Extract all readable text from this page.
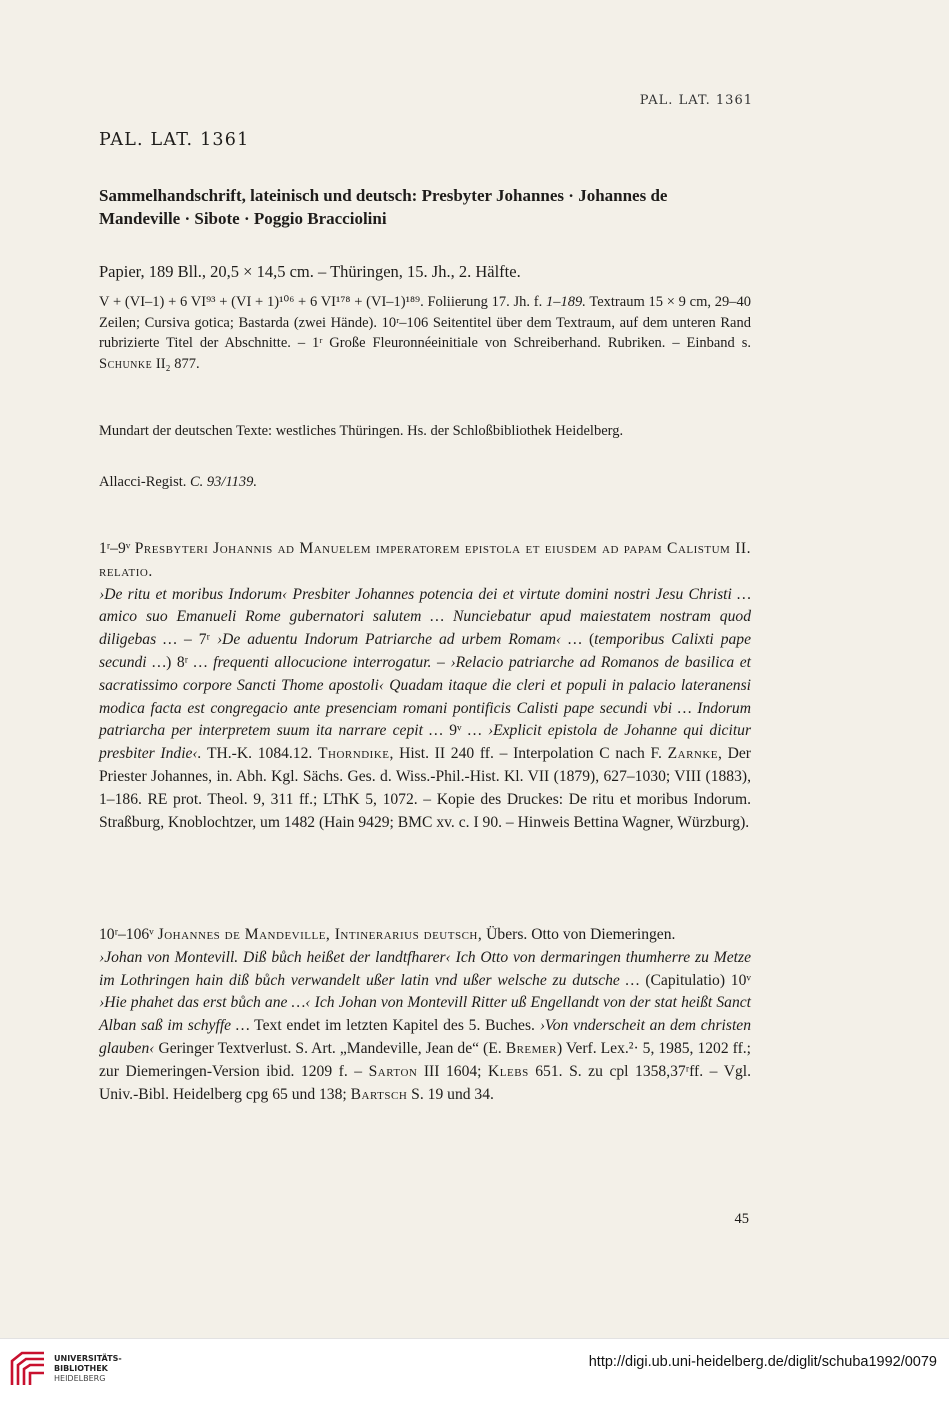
PAL. LAT. 1361
PAL. LAT. 1361
Sammelhandschrift, lateinisch und deutsch: Presbyter Johannes · Johannes de Mandeville · Sibote · Poggio Bracciolini
Papier, 189 Bll., 20,5 × 14,5 cm. – Thüringen, 15. Jh., 2. Hälfte.

V + (VI–1) + 6 VI⁹³ + (VI + 1)¹⁰⁶ + 6 VI¹⁷⁸ + (VI–1)¹⁸⁹. Foliierung 17. Jh. f. 1–189. Textraum 15 × 9 cm, 29–40 Zeilen; Cursiva gotica; Bastarda (zwei Hände). 10ʳ–106 Seitentitel über dem Textraum, auf dem unteren Rand rubrizierte Titel der Abschnitte. – 1ʳ Große Fleuronnéeinitiale von Schreiberhand. Rubriken. – Einband s. Schunke II₂ 877.

Mundart der deutschen Texte: westliches Thüringen. Hs. der Schloßbibliothek Heidelberg.

Allacci-Regist. C. 93/1139.

1ʳ–9ᵛ Presbyteri Johannis ad Manuelem imperatorem epistola et eiusdem ad papam Calistum II. relatio.

›De ritu et moribus Indorum‹ Presbiter Johannes potencia dei et virtute domini nostri Jesu Christi … amico suo Emanueli Rome gubernatori salutem … Nunciebatur apud maiestatem nostram quod diligebas … – 7ʳ ›De aduentu Indorum Patriarche ad urbem Romam‹ … (temporibus Calixti pape secundi …) 8ʳ … frequenti allocucione interrogatur. – ›Relacio patriarche ad Romanos de basilica et sacratissimo corpore Sancti Thome apostoli‹ Quadam itaque die cleri et populi in palacio lateranensi modica facta est congregacio ante presenciam romani pontificis Calisti pape secundi vbi … Indorum patriarcha per interpretem suum ita narrare cepit … 9ᵛ … ›Explicit epistola de Johanne qui dicitur presbiter Indie‹. TH.-K. 1084.12. Thorndike, Hist. II 240 ff. – Interpolation C nach F. Zarnke, Der Priester Johannes, in. Abh. Kgl. Sächs. Ges. d. Wiss.-Phil.-Hist. Kl. VII (1879), 627–1030; VIII (1883), 1–186. RE prot. Theol. 9, 311 ff.; LThK 5, 1072. – Kopie des Druckes: De ritu et moribus Indorum. Straßburg, Knoblochtzer, um 1482 (Hain 9429; BMC xv. c. I 90. – Hinweis Bettina Wagner, Würzburg).

10ʳ–106ᵛ Johannes de Mandeville, Intinerarius deutsch, Übers. Otto von Diemeringen.

›Johan von Montevill. Diß bůch heißet der landtfharer‹ Ich Otto von dermaringen thumherre zu Metze im Lothringen hain diß bůch verwandelt ußer latin vnd ußer welsche zu dutsche … (Capitulatio) 10ᵛ ›Hie phahet das erst bůch ane …‹ Ich Johan von Montevill Ritter uß Engellandt von der stat heißt Sanct Alban saß im schyffe … Text endet im letzten Kapitel des 5. Buches. ›Von vnderscheit an dem christen glauben‹ Geringer Textverlust. S. Art. „Mandeville, Jean de“ (E. Bremer) Verf. Lex.²· 5, 1985, 1202 ff.; zur Diemeringen-Version ibid. 1209 f. – Sarton III 1604; Klebs 651. S. zu cpl 1358,37ʳff. – Vgl. Univ.-Bibl. Heidelberg cpg 65 und 138; Bartsch S. 19 und 34.

45
UNIVERSITÄTS-
BIBLIOTHEK
HEIDELBERG
http://digi.ub.uni-heidelberg.de/diglit/schuba1992/0079
